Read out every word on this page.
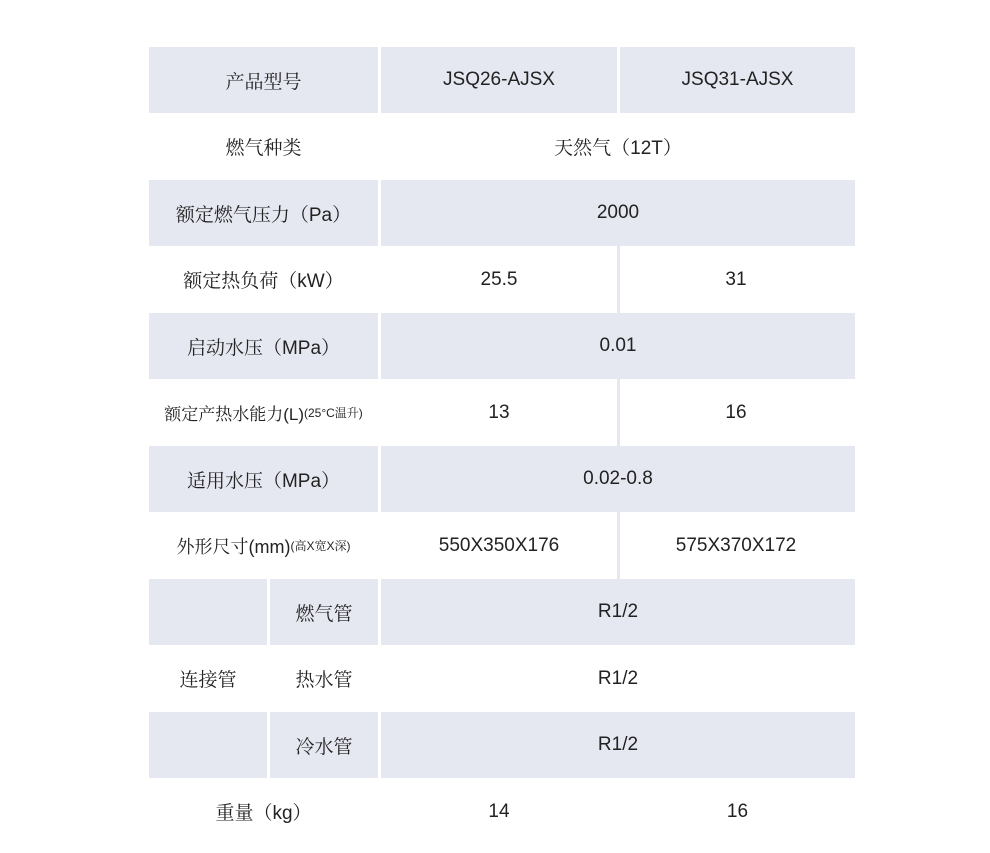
产品型号	JSQ26-AJSX	JSQ31-AJSX
燃气种类	天然气（12T）
额定燃气压力（Pa）	2000
额定热负荷（kW）	25.5	31
启动水压（MPa）	0.01
额定产热水能力(L) (25°C温升)	13	16
适用水压（MPa）	0.02-0.8
外形尺寸(mm) (高X宽X深)	550X350X176	575X370X172
连接管
燃气管	R1/2
热水管	R1/2
冷水管	R1/2
重量（kg）	14	16
